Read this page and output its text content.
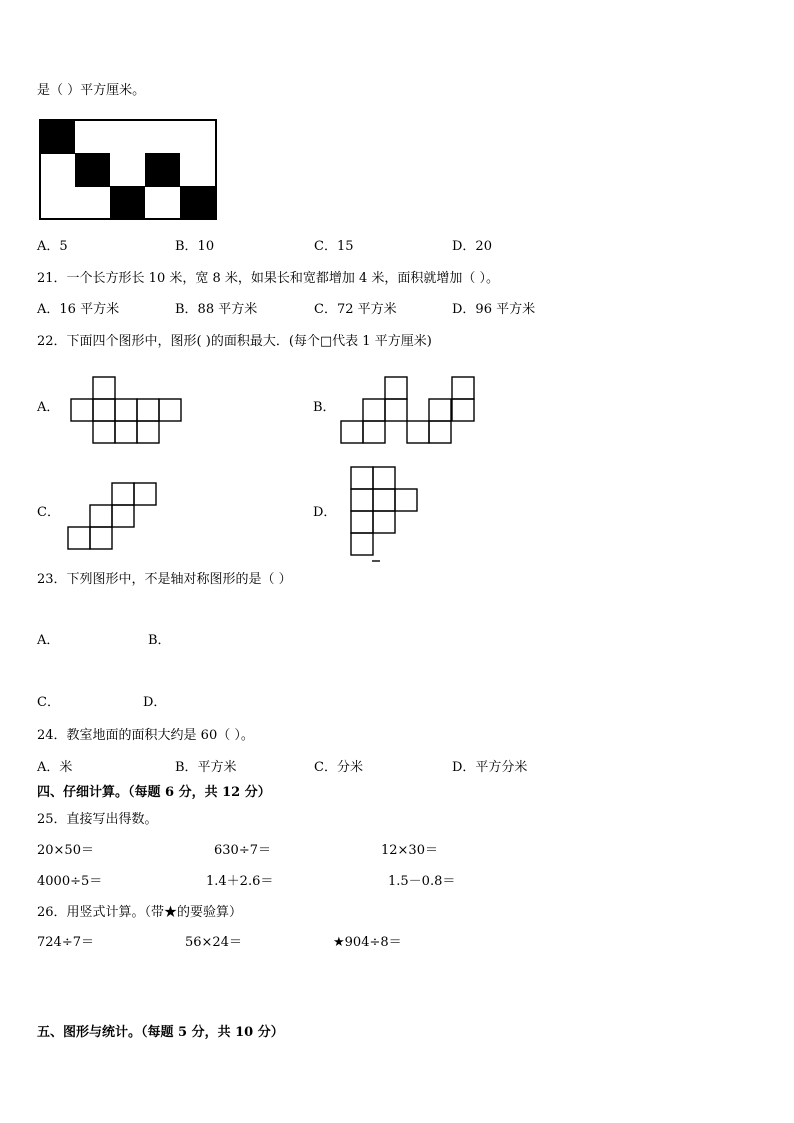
是（ ）平方厘米。
A．5	B．10	C．15	D．20
21．一个长方形长 10 米，宽 8 米，如果长和宽都增加 4 米，面积就增加（ ）。
A．16 平方米	B．88 平方米	C．72 平方米	D．96 平方米
22．下面四个图形中，图形( )的面积最大．(每个□代表 1 平方厘米)
A．	B．
C．	D．
23．下列图形中，不是轴对称图形的是（ ）
A．	B．
C．	D．
24．教室地面的面积大约是 60（ ）。
A．米	B．平方米	C．分米	D．平方分米
四、仔细计算。（每题 6 分，共 12 分）
25．直接写出得数。
20×50＝	630÷7＝	12×30＝
4000÷5＝	1.4＋2.6＝	1.5－0.8＝
26．用竖式计算。（带★的要验算）
724÷7＝	56×24＝	★904÷8＝
五、图形与统计。（每题 5 分，共 10 分）
